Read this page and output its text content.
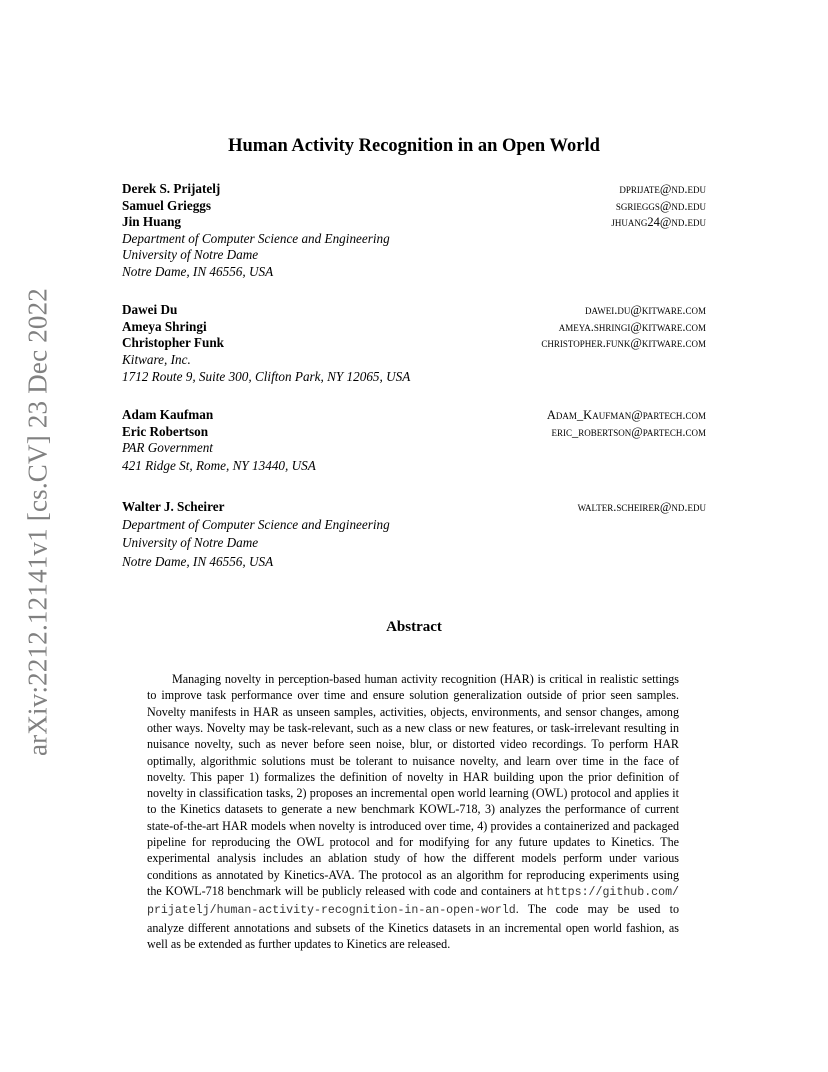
arXiv:2212.12141v1 [cs.CV] 23 Dec 2022
Human Activity Recognition in an Open World
Derek S. Prijatelj	dprijate@nd.edu
Samuel Grieggs	sgrieggs@nd.edu
Jin Huang	jhuang24@nd.edu
Department of Computer Science and Engineering
University of Notre Dame
Notre Dame, IN 46556, USA
Dawei Du	dawei.du@kitware.com
Ameya Shringi	ameya.shringi@kitware.com
Christopher Funk	christopher.funk@kitware.com
Kitware, Inc.
1712 Route 9, Suite 300, Clifton Park, NY 12065, USA
Adam Kaufman	Adam_Kaufman@partech.com
Eric Robertson	eric_robertson@partech.com
PAR Government
421 Ridge St, Rome, NY 13440, USA
Walter J. Scheirer	walter.scheirer@nd.edu
Department of Computer Science and Engineering
University of Notre Dame
Notre Dame, IN 46556, USA
Abstract

Managing novelty in perception-based human activity recognition (HAR) is critical in realistic settings to improve task performance over time and ensure solution generalization outside of prior seen samples. Novelty manifests in HAR as unseen samples, activities, objects, environments, and sensor changes, among other ways. Novelty may be task-relevant, such as a new class or new features, or task-irrelevant resulting in nuisance novelty, such as never before seen noise, blur, or distorted video recordings. To perform HAR optimally, algorithmic solutions must be tolerant to nuisance novelty, and learn over time in the face of novelty. This paper 1) formalizes the definition of novelty in HAR building upon the prior definition of novelty in classification tasks, 2) proposes an incremental open world learning (OWL) protocol and applies it to the Kinetics datasets to generate a new benchmark KOWL-718, 3) analyzes the performance of current state-of-the-art HAR models when novelty is introduced over time, 4) provides a containerized and packaged pipeline for reproducing the OWL protocol and for modifying for any future updates to Kinetics. The experimental analysis includes an ablation study of how the different models perform under various conditions as annotated by Kinetics-AVA. The protocol as an algorithm for reproducing experiments using the KOWL-718 benchmark will be publicly released with code and containers at https://github.com/prijatelj/human-activity-recognition-in-an-open-world. The code may be used to analyze different annotations and subsets of the Kinetics datasets in an incremental open world fashion, as well as be extended as further updates to Kinetics are released.
